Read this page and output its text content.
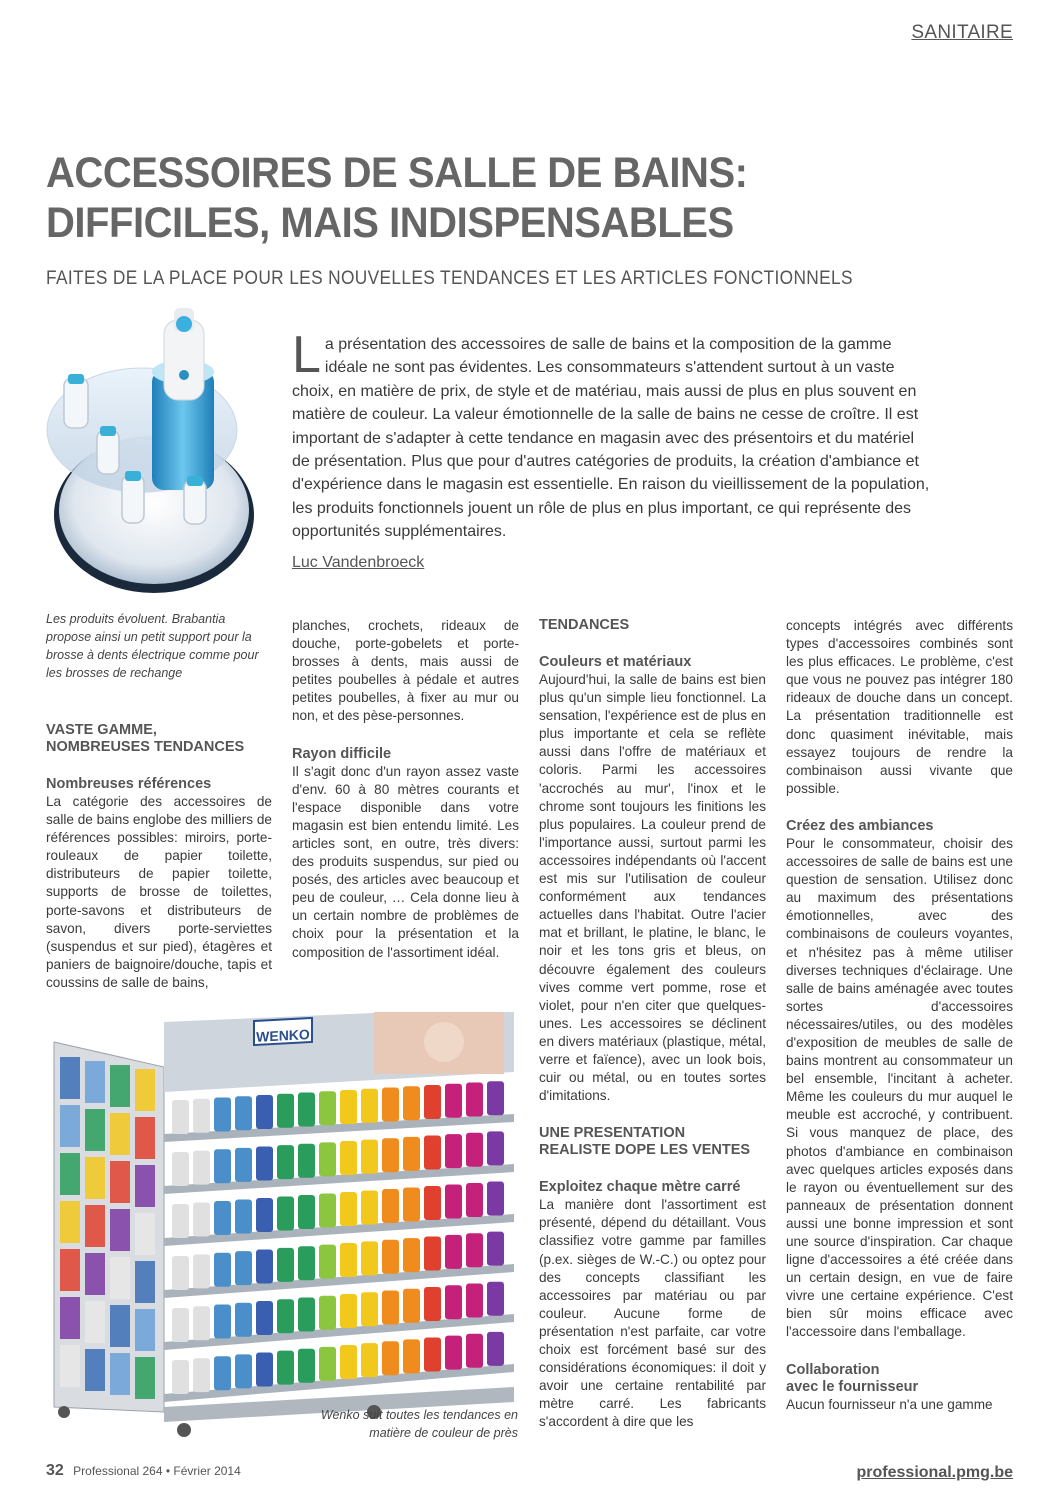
SANITAIRE
ACCESSOIRES DE SALLE DE BAINS:
DIFFICILES, MAIS INDISPENSABLES

FAITES DE LA PLACE POUR LES NOUVELLES TENDANCES ET LES ARTICLES FONCTIONNELS

La présentation des accessoires de salle de bains et la composition de la gamme idéale ne sont pas évidentes. Les consommateurs s'attendent surtout à un vaste choix, en matière de prix, de style et de matériau, mais aussi de plus en plus souvent en matière de couleur. La valeur émotionnelle de la salle de bains ne cesse de croître. Il est important de s'adapter à cette tendance en magasin avec des présentoirs et du matériel de présentation. Plus que pour d'autres catégories de produits, la création d'ambiance et d'expérience dans le magasin est essentielle. En raison du vieillissement de la population, les produits fonctionnels jouent un rôle de plus en plus important, ce qui représente des opportunités supplémentaires.

Luc Vandenbroeck
Les produits évoluent. Brabantia propose ainsi un petit support pour la brosse à dents électrique comme pour les brosses de rechange
VASTE GAMME,
NOMBREUSES TENDANCES
Nombreuses références

La catégorie des accessoires de salle de bains englobe des milliers de références possibles: miroirs, porte-rouleaux de papier toilette, distributeurs de papier toilette, supports de brosse de toilettes, porte-savons et distributeurs de savon, divers porte-serviettes (suspendus et sur pied), étagères et paniers de baignoire/douche, tapis et coussins de salle de bains,

planches, crochets, rideaux de douche, porte-gobelets et porte-brosses à dents, mais aussi de petites poubelles à pédale et autres petites poubelles, à fixer au mur ou non, et des pèse-personnes.

Rayon difficile

Il s'agit donc d'un rayon assez vaste d'env. 60 à 80 mètres courants et l'espace disponible dans votre magasin est bien entendu limité. Les articles sont, en outre, très divers: des produits suspendus, sur pied ou posés, des articles avec beaucoup et peu de couleur, … Cela donne lieu à un certain nombre de problèmes de choix pour la présentation et la composition de l'assortiment idéal.

TENDANCES
Couleurs et matériaux

Aujourd'hui, la salle de bains est bien plus qu'un simple lieu fonctionnel. La sensation, l'expérience est de plus en plus importante et cela se reflète aussi dans l'offre de matériaux et coloris. Parmi les accessoires 'accrochés au mur', l'inox et le chrome sont toujours les finitions les plus populaires. La couleur prend de l'importance aussi, surtout parmi les accessoires indépendants où l'accent est mis sur l'utilisation de couleur conformément aux tendances actuelles dans l'habitat. Outre l'acier mat et brillant, le platine, le blanc, le noir et les tons gris et bleus, on découvre également des couleurs vives comme vert pomme, rose et violet, pour n'en citer que quelques-unes. Les accessoires se déclinent en divers matériaux (plastique, métal, verre et faïence), avec un look bois, cuir ou métal, ou en toutes sortes d'imitations.

UNE PRESENTATION
REALISTE DOPE LES VENTES
Exploitez chaque mètre carré

La manière dont l'assortiment est présenté, dépend du détaillant. Vous classifiez votre gamme par familles (p.ex. sièges de W.-C.) ou optez pour des concepts classifiant les accessoires par matériau ou par couleur. Aucune forme de présentation n'est parfaite, car votre choix est forcément basé sur des considérations économiques: il doit y avoir une certaine rentabilité par mètre carré. Les fabricants s'accordent à dire que les

concepts intégrés avec différents types d'accessoires combinés sont les plus efficaces. Le problème, c'est que vous ne pouvez pas intégrer 180 rideaux de douche dans un concept. La présentation traditionnelle est donc quasiment inévitable, mais essayez toujours de rendre la combinaison aussi vivante que possible.

Créez des ambiances

Pour le consommateur, choisir des accessoires de salle de bains est une question de sensation. Utilisez donc au maximum des présentations émotionnelles, avec des combinaisons de couleurs voyantes, et n'hésitez pas à même utiliser diverses techniques d'éclairage. Une salle de bains aménagée avec toutes sortes d'accessoires nécessaires/utiles, ou des modèles d'exposition de meubles de salle de bains montrent au consommateur un bel ensemble, l'incitant à acheter. Même les couleurs du mur auquel le meuble est accroché, y contribuent. Si vous manquez de place, des photos d'ambiance en combinaison avec quelques articles exposés dans le rayon ou éventuellement sur des panneaux de présentation donnent aussi une bonne impression et sont une source d'inspiration. Car chaque ligne d'accessoires a été créée dans un certain design, en vue de faire vivre une certaine expérience. C'est bien sûr moins efficace avec l'accessoire dans l'emballage.

Collaboration
avec le fournisseur

Aucun fournisseur n'a une gamme

WENKO
Wenko suit toutes les tendances en matière de couleur de près
32 Professional 264 • Février 2014	professional.pmg.be
